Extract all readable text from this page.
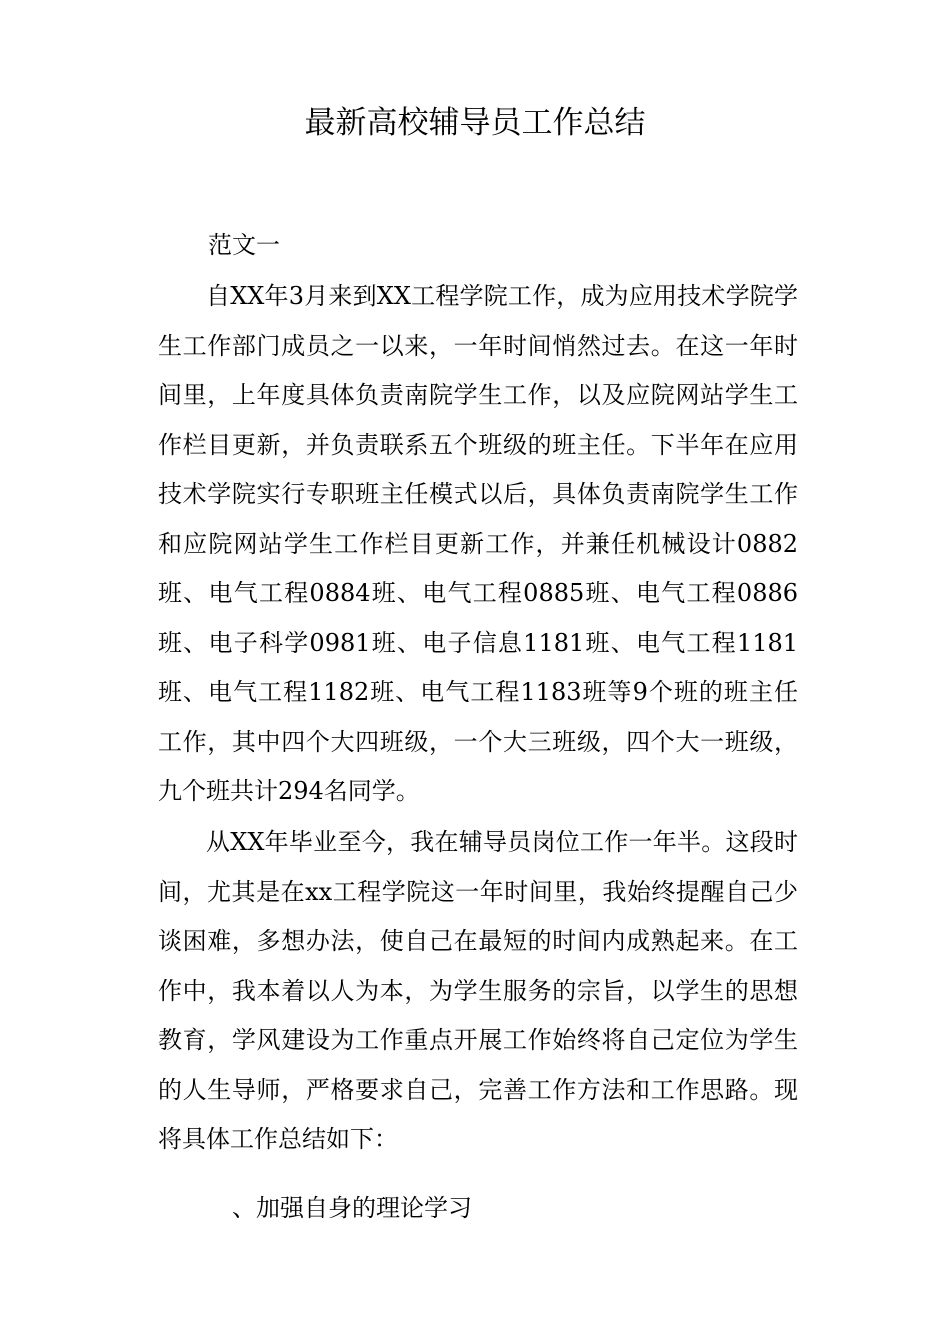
最新高校辅导员工作总结

范文一

自XX年3月来到XX工程学院工作，成为应用技术学院学生工作部门成员之一以来，一年时间悄然过去。在这一年时间里，上年度具体负责南院学生工作，以及应院网站学生工作栏目更新，并负责联系五个班级的班主任。下半年在应用技术学院实行专职班主任模式以后，具体负责南院学生工作和应院网站学生工作栏目更新工作，并兼任机械设计0882班、电气工程0884班、电气工程0885班、电气工程0886班、电子科学0981班、电子信息1181班、电气工程1181班、电气工程1182班、电气工程1183班等9个班的班主任工作，其中四个大四班级，一个大三班级，四个大一班级，九个班共计294名同学。

从XX年毕业至今，我在辅导员岗位工作一年半。这段时间，尤其是在xx工程学院这一年时间里，我始终提醒自己少谈困难，多想办法，使自己在最短的时间内成熟起来。在工作中，我本着以人为本，为学生服务的宗旨，以学生的思想教育，学风建设为工作重点开展工作始终将自己定位为学生的人生导师，严格要求自己，完善工作方法和工作思路。现将具体工作总结如下：

、加强自身的理论学习
